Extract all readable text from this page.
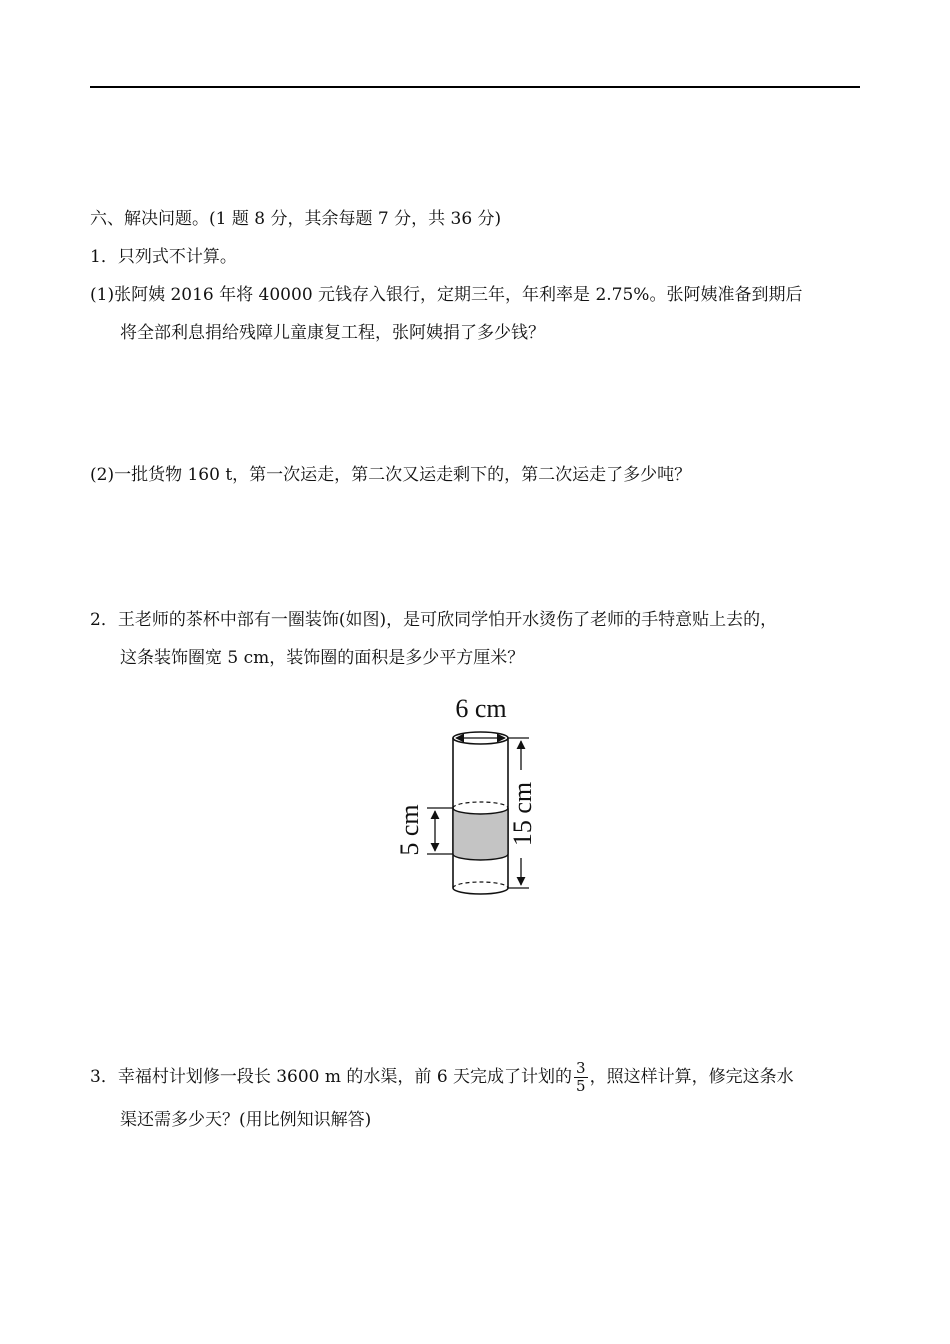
六、解决问题。(1 题 8 分，其余每题 7 分，共 36 分)
1．只列式不计算。
(1)张阿姨 2016 年将 40000 元钱存入银行，定期三年，年利率是 2.75%。张阿姨准备到期后
将全部利息捐给残障儿童康复工程，张阿姨捐了多少钱？
(2)一批货物 160 t，第一次运走，第二次又运走剩下的，第二次运走了多少吨？
2．王老师的茶杯中部有一圈装饰(如图)，是可欣同学怕开水烫伤了老师的手特意贴上去的，
这条装饰圈宽 5 cm，装饰圈的面积是多少平方厘米？
6 cm
15 cm
5 cm
3．幸福村计划修一段长 3600 m 的水渠，前 6 天完成了计划的 $\frac{3}{5}$ ，照这样计算，修完这条水
渠还需多少天？(用比例知识解答)
